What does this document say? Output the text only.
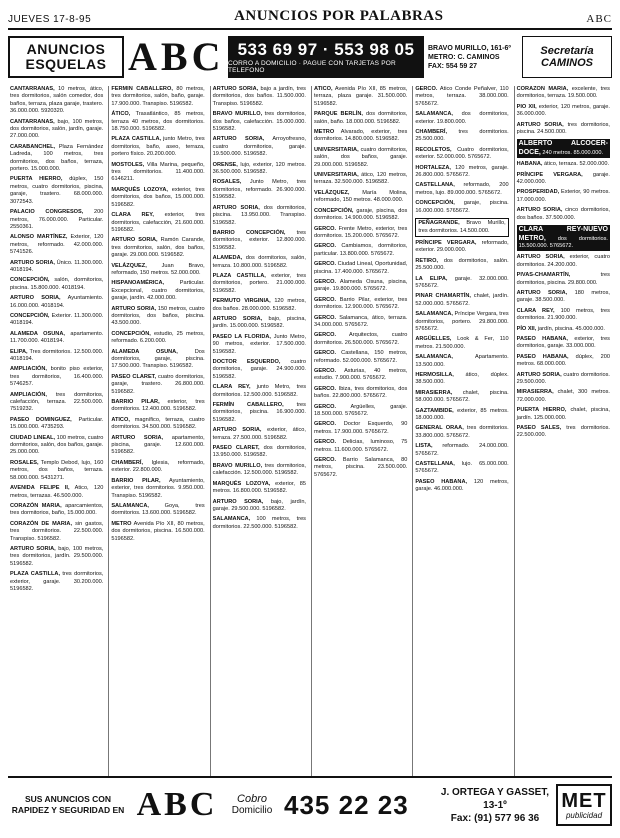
JUEVES 17-8-95	ANUNCIOS POR PALABRAS	ABC
ANUNCIOS
ESQUELAS ABC 533 69 97 · 553 98 05
CORRO A DOMICILIO · PAGUE CON TARJETAS POR TELEFONO
BRAVO MURILLO, 161-6º
METRO: C. CAMINOS
FAX: 554 59 27
Secretaría
CAMINOS

CANTARRANAS, 10 metros, ático, tres dormitorios, salón comedor, dos baños, terraza, plaza garaje, trastero. 36.000.000. 5920320.

CANTARRANAS, bajo, 100 metros, dos dormitorios, salón, jardín, garaje. 27.000.000.

CARABANCHEL, Plaza Fernández Ladreda, 100 metros, tres dormitorios, dos baños, terraza, portero. 15.000.000.

PUERTA HIERRO, dúplex, 150 metros, cuatro dormitorios, piscina, garaje, trastero. 68.000.000. 3072543.

PALACIO CONGRESOS, 200 metros, 76.000.000. Particular. 2550361.

ALONSO MARTÍNEZ, Exterior, 120 metros, reformado. 42.000.000. 5741526.

ARTURO SORIA, Único. 11.300.000. 4018194.

CONCEPCIÓN, salón, dormitorios, piscina. 15.800.000. 4018194.

ARTURO SORIA, Ayuntamiento. 16.000.000. 4018194.

CONCEPCIÓN, Exterior. 11.300.000. 4018194.

ALAMEDA OSUNA, apartamento. 11.700.000. 4018194.

ELIPA, Tres dormitorios. 12.500.000. 4018194.

AMPLIACIÓN, bonito piso exterior, tres dormitorios, 16.400.000. 5746257.

AMPLIACIÓN, tres dormitorios, calefacción, terraza. 22.500.000. 7519232.

PASEO DOMINGUEZ, Particular. 15.000.000. 4735293.

CIUDAD LINEAL, 100 metros, cuatro dormitorios, salón, dos baños, garaje. 25.000.000.

ROSALES, Templo Debod, lujo, 160 metros, dos baños, terraza. 58.000.000. 5431271.

AVENIDA FELIPE II, Atico, 120 metros, terrazas. 46.500.000.

CORAZÓN MARIA, aparcamientos, tres dormitorios, baño, 15.000.000.

CORAZÓN DE MARIA, sin gastos, tres dormitorios. 22.500.000. Transpiso. 5196582.

ARTURO SORIA, bajo, 100 metros, tres dormitorios, jardín. 29.500.000. 5196582.

PLAZA CASTILLA, tres dormitorios, exterior, garaje. 30.200.000. 5196582.

FERMÍN CABALLERO, 80 metros, tres dormitorios, salón, baño, garaje. 17.900.000. Transpiso. 5196582.

ÁTICO, Trasatlántico, 85 metros, terraza 40 metros, dos dormitorios. 18.750.000. 5196582.

PLAZA CASTILLA, junto Metro, tres dormitorios, baño, aseo, terraza, portero físico. 20.200.000.

MOSTOLES, Villa Marina, pequeño, tres dormitorios. 11.400.000. 6146211.

MARQUÉS LOZOYA, exterior, tres dormitorios, dos baños, 15.000.000. 5196582.

CLARA REY, exterior, tres dormitorios, calefacción, 21.600.000. 5196582.

ARTURO SORIA, Ramón Carande, tres dormitorios, salón, dos baños, garaje. 29.000.000. 5196582.

VELÁZQUEZ,	Juan Bravo, reformado, 150 metros. 52.000.000.

HISPANOAMÉRICA,	Particular. Excepcional, cuatro dormitorios, garaje, jardín. 42.000.000.

ARTURO SORIA, 150 metros, cuatro dormitorios, dos baños, piscina. 43.500.000.

CONCEPCIÓN, estudio, 25 metros, reformado. 6.200.000.

ALAMEDA OSUNA,	Dos dormitorios, garaje, piscina. 17.500.000. Transpiso. 5196582.

PASEO CLARET, cuatro dormitorios, garaje, trastero. 26.800.000. 5196582.

BARRIO PILAR, exterior, tres dormitorios. 12.400.000. 5196582.

ATICO, magnífico, terraza, cuatro dormitorios. 34.500.000. 5196582.

ARTURO SORIA, apartamento, piscina, garaje. 12.600.000. 5196582.

CHAMBERÍ, Iglesia, reformado, exterior. 22.800.000.

BARRIO PILAR, Ayuntamiento, exterior, tres dormitorios. 9.950.000. Transpiso. 5196582.

SALAMANCA,	Goya, tres dormitorios. 13.600.000. 5196582.

METRO Avenida Pío XII, 80 metros, dos dormitorios, piscina. 16.500.000. 5196582.

ARTURO SORIA, bajo a jardín, tres dormitorios, dos baños. 11.500.000. Transpiso. 5196582.

BRAVO MURILLO, tres dormitorios, dos baños, calefacción. 15.000.000. 5196582.

ARTURO SORIA, Arroyofresno, cuatro dormitorios, garaje. 19.500.000. 5196582.

ORENSE, lujo, exterior, 120 metros. 36.500.000. 5196582.

ROSALES, Junto Metro, tres dormitorios, reformado. 26.900.000. 5196582.

ARTURO SORIA, dos dormitorios, piscina. 13.950.000. Transpiso. 5196582.

BARRIO CONCEPCIÓN, tres dormitorios, exterior. 12.800.000. 5196582.

ALAMEDA, dos dormitorios, salón, terraza. 10.800.000. 5196582.

PLAZA CASTILLA, exterior, tres dormitorios, portero. 21.000.000. 5196582.

PERMUTO VIRGINIA, 120 metros, dos baños. 28.000.000. 5196582.

ARTURO SORIA, bajo, piscina, jardín. 15.000.000. 5196582.

PASEO LA FLORIDA, Junto Metro, 90 metros, exterior. 17.500.000. 5196582.

DOCTOR ESQUERDO, cuatro dormitorios, garaje. 24.900.000. 5196582.

CLARA REY, junto Metro, tres dormitorios. 12.500.000. 5196582.

FERMÍN CABALLERO, tres dormitorios, piscina. 16.900.000. 5196582.

ARTURO SORIA, exterior, ático, terraza. 27.500.000. 5196582.

PASEO CLARET, dos dormitorios, 13.950.000. 5196582.

BRAVO MURILLO, tres dormitorios, calefacción. 12.500.000. 5196582.

MARQUÉS LOZOYA, exterior, 85 metros. 16.800.000. 5196582.

ARTURO SORIA, bajo, jardín, garaje. 29.500.000. 5196582.

SALAMANCA, 100 metros, tres dormitorios. 22.500.000. 5196582.

ATICO, Avenida Pío XII, 85 metros, terraza, plaza garaje. 31.500.000. 5196582.

PARQUE BERLÍN, dos dormitorios, salón, baño. 18.000.000. 5196582.

METRO Alvarado, exterior, tres dormitorios. 14.800.000. 5196582.

UNIVERSITARIA, cuatro dormitorios, salón, dos baños, garaje. 29.000.000. 5196582.

UNIVERSITARIA, ático, 120 metros, terraza. 32.500.000. 5196582.

VELÁZQUEZ, María Molina, reformado, 150 metros. 48.000.000.

CONCEPCIÓN, garaje, piscina, dos dormitorios. 14.900.000. 5196582.

GERCO. Frente Metro, exterior, tres dormitorios. 15.200.000. 5765672.

GERCO. Cambiamos, dormitorios, particular. 13.800.000. 5765672.

GERCO. Ciudad Lineal, Oportunidad, piscina. 17.400.000. 5765672.

GERCO. Alameda Osuna, piscina, garaje. 19.800.000. 5765672.

GERCO. Barrio Pilar, exterior, tres dormitorios. 12.900.000. 5765672.

GERCO. Salamanca, ático, terraza. 34.000.000. 5765672.

GERCO. Arquitectos, cuatro dormitorios. 26.500.000. 5765672.

GERCO. Castellana, 150 metros, reformado. 52.000.000. 5765672.

GERCO. Asturias, 40 metros, estudio. 7.900.000. 5765672.

GERCO. Ibiza, tres dormitorios, dos baños. 22.800.000. 5765672.

GERCO.	Argüelles, garaje. 18.500.000. 5765672.

GERCO. Doctor Esquerdo, 90 metros. 17.900.000. 5765672.

GERCO. Delicias, luminoso, 75 metros. 11.600.000. 5765672.

GERCO. Barrio Salamanca, 80 metros, piscina. 23.500.000. 5765672.

GERCO. Ático Conde Peñalver, 110 metros, terraza. 38.000.000. 5765672.

SALAMANCA, dos dormitorios, exterior. 19.800.000.

CHAMBERÍ, tres dormitorios. 25.500.000.

RECOLETOS, Cuatro dormitorios, exterior. 52.000.000. 5765672.

HORTALEZA, 120 metros, garaje. 26.800.000. 5765672.

CASTELLANA, reformado, 200 metros, lujo. 89.000.000. 5765672.

CONCEPCIÓN, garaje, piscina. 16.000.000. 5765672.

PEÑAGRANDE, Bravo Murillo, tres dormitorios. 14.500.000.

PRÍNCIPE VERGARA, reformado, exterior. 29.000.000.

RETIRO, dos dormitorios, salón. 25.500.000.

LA ELIPA, garaje. 32.000.000. 5765672.

PINAR CHAMARTÍN, chalet, jardín. 52.000.000. 5765672.

SALAMANCA, Príncipe Vergara, tres dormitorios, portero. 29.800.000. 5765672.

ARGÜELLES, Look & Fer, 110 metros. 21.500.000.

SALAMANCA,	Apartamento. 13.500.000.

HERMOSILLA, ático, dúplex. 38.500.000.

MIRASIERRA, chalet, piscina. 58.000.000. 5765672.

GAZTAMBIDE, exterior, 85 metros. 18.000.000.

GENERAL ORAA, tres dormitorios. 33.800.000. 5765672.

LISTA, reformado. 24.000.000. 5765672.

CASTELLANA, lujo. 65.000.000. 5765672.

PASEO HABANA, 120 metros, garaje. 46.000.000.

CORAZÓN MARIA, excelente, tres dormitorios, terraza. 19.500.000.

PIO XII, exterior, 120 metros, garaje. 36.000.000.

ARTURO SORIA, tres dormitorios, piscina. 24.500.000.

ALBERTO ALCOCER-DOCE, 240 metros. 85.000.000.

HABANA, ático, terraza. 52.000.000.

PRÍNCIPE VERGARA, garaje. 42.000.000.

PROSPERIDAD, Exterior, 90 metros. 17.000.000.

ARTURO SORIA, cinco dormitorios, dos baños. 37.500.000.

CLARA REY-NUEVO METRO, dos dormitorios. 15.500.000. 5765672.

ARTURO SORIA, exterior, cuatro dormitorios. 24.200.000.

PIVAS-CHAMARTÍN,	tres dormitorios, piscina. 29.800.000.

ARTURO SORIA, 180 metros, garaje. 38.500.000.

CLARA REY, 100 metros, tres dormitorios. 21.900.000.

PÍO XII, jardín, piscina. 45.000.000.

PASEO HABANA, exterior, tres dormitorios, garaje. 33.000.000.

PASEO HABANA, dúplex, 200 metros. 68.000.000.

ARTURO SORIA, cuatro dormitorios. 29.500.000.

MIRASIERRA, chalet, 300 metros. 72.000.000.

PUERTA HIERRO, chalet, piscina, jardín. 125.000.000.

PASEO SALES, tres dormitorios. 22.500.000.

SUS ANUNCIOS CON
RAPIDEZ Y SEGURIDAD EN ABC	Cobro
Domicilio 435 22 23	J. ORTEGA Y GASSET, 13-1º
Fax: (91) 577 96 36
MET
publicidad
